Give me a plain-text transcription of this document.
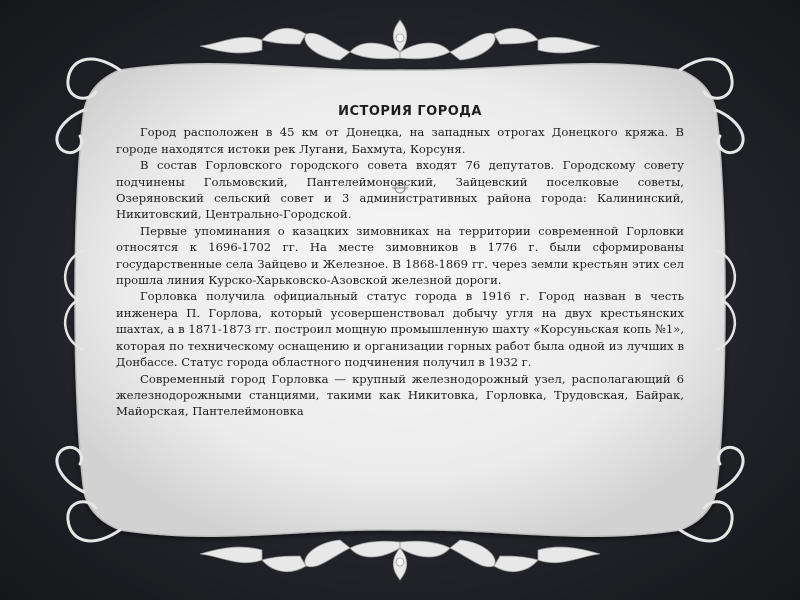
ИСТОРИЯ ГОРОДА

Город расположен в 45 км от Донецка, на западных отрогах Донецкого кряжа. В городе находятся истоки рек Лугани, Бахмута, Корсуня.

В состав Горловского городского совета входят 76 депутатов. Городскому совету подчинены Гольмовский, Пантелеймоновский, Зайцевский поселковые советы, Озеряновский сельский совет и 3 административных района города: Калининский, Никитовский, Центрально-Городской.

Первые упоминания о казацких зимовниках на территории современной Горловки относятся к 1696-1702 гг. На месте зимовников в 1776 г. были сформированы государственные села Зайцево и Железное. В 1868-1869 гг. через земли крестьян этих сел прошла линия Курско-Харьковско-Азовской железной дороги.

Горловка получила официальный статус города в 1916 г. Город назван в честь инженера П. Горлова, который усовершенствовал добычу угля на двух крестьянских шахтах, а в 1871-1873 гг. построил мощную промышленную шахту «Корсуньская копь №1», которая по техническому оснащению и организации горных работ была одной из лучших в Донбассе. Статус города областного подчинения получил в 1932 г.

Современный город Горловка — крупный железнодорожный узел, располагающий 6 железнодорожными станциями, такими как Никитовка, Горловка, Трудовская, Байрак, Майорская, Пантелеймоновка
